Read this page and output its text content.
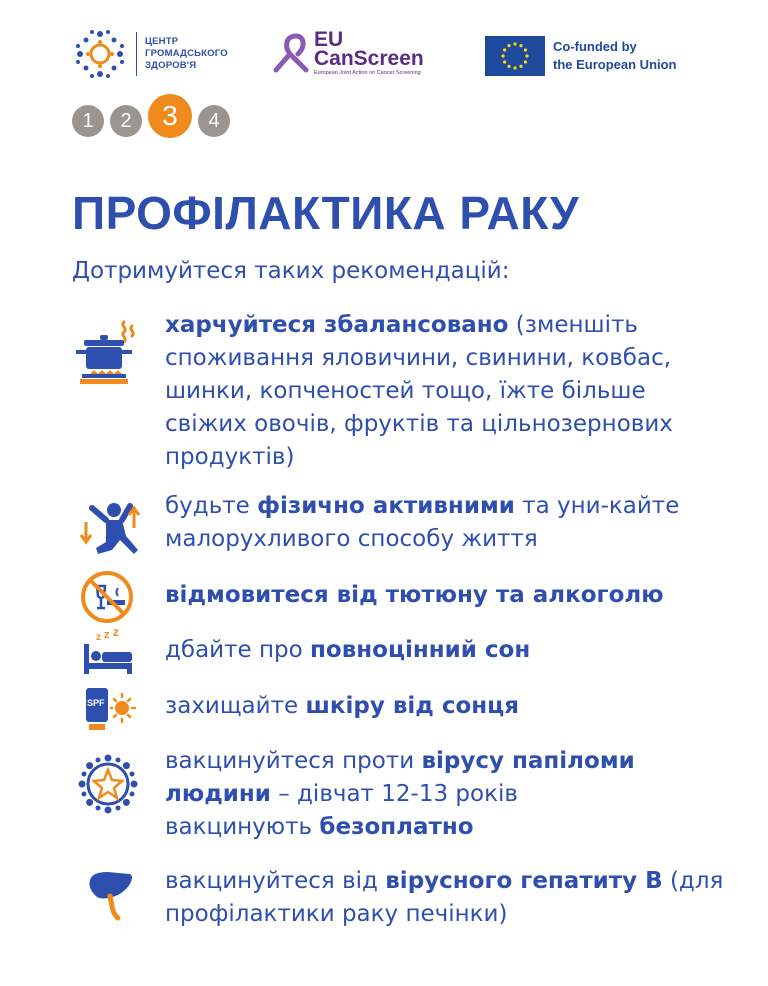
ЦЕНТР
ГРОМАДСЬКОГО
ЗДОРОВ'Я
EU
CanScreen
European Joint Action on Cancer Screening
Co-funded by
the European Union
1	2	3	4
ПРОФІЛАКТИКА РАКУ
Дотримуйтеся таких рекомендацій:
харчуйтеся збалансовано (зменшіть споживання яловичини, свинини, ковбас, шинки, копченостей тощо, їжте більше свіжих овочів, фруктів та цільнозернових продуктів)
будьте фізично активними та уни-кайте малорухливого способу життя
відмовитеся від тютюну та алкоголю
z z z
дбайте про повноцінний сон
SPF	захищайте шкіру від сонця
вакцинуйтеся проти вірусу папіломи людини – дівчат 12-13 років вакцинують безоплатно
вакцинуйтеся від вірусного гепатиту В (для профілактики раку печінки)
